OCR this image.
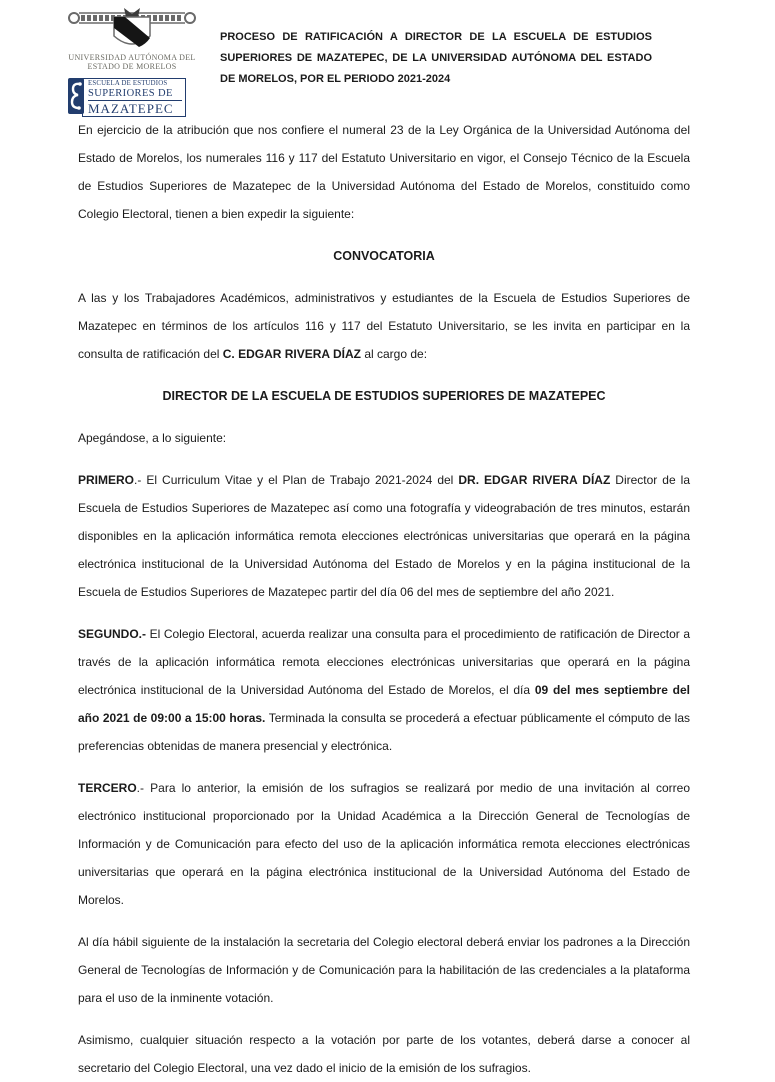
UNIVERSIDAD AUTÓNOMA DEL
ESTADO DE MORELOS
ESCUELA DE ESTUDIOS
SUPERIORES DE
MAZATEPEC
PROCESO DE RATIFICACIÓN A DIRECTOR DE LA ESCUELA DE ESTUDIOS SUPERIORES DE MAZATEPEC, DE LA UNIVERSIDAD AUTÓNOMA DEL ESTADO DE MORELOS, POR EL PERIODO 2021-2024

En ejercicio de la atribución que nos confiere el numeral 23 de la Ley Orgánica de la Universidad Autónoma del Estado de Morelos, los numerales 116 y 117 del Estatuto Universitario en vigor, el Consejo Técnico de la Escuela de Estudios Superiores de Mazatepec de la Universidad Autónoma del Estado de Morelos, constituido como Colegio Electoral, tienen a bien expedir la siguiente:

CONVOCATORIA

A las y los Trabajadores Académicos, administrativos y estudiantes de la Escuela de Estudios Superiores de Mazatepec en términos de los artículos 116 y 117 del Estatuto Universitario, se les invita en participar en la consulta de ratificación del C. EDGAR RIVERA DÍAZ al cargo de:

DIRECTOR DE LA ESCUELA DE ESTUDIOS SUPERIORES DE MAZATEPEC

Apegándose, a lo siguiente:

PRIMERO.- El Curriculum Vitae y el Plan de Trabajo 2021-2024 del DR. EDGAR RIVERA DÍAZ Director de la Escuela de Estudios Superiores de Mazatepec así como una fotografía y videograbación de tres minutos, estarán disponibles en la aplicación informática remota elecciones electrónicas universitarias que operará en la página electrónica institucional de la Universidad Autónoma del Estado de Morelos y en la página institucional de la Escuela de Estudios Superiores de Mazatepec partir del día 06 del mes de septiembre del año 2021.

SEGUNDO.- El Colegio Electoral, acuerda realizar una consulta para el procedimiento de ratificación de Director a través de la aplicación informática remota elecciones electrónicas universitarias que operará en la página electrónica institucional de la Universidad Autónoma del Estado de Morelos, el día 09 del mes septiembre del año 2021 de 09:00 a 15:00 horas. Terminada la consulta se procederá a efectuar públicamente el cómputo de las preferencias obtenidas de manera presencial y electrónica.

TERCERO.- Para lo anterior, la emisión de los sufragios se realizará por medio de una invitación al correo electrónico institucional proporcionado por la Unidad Académica a la Dirección General de Tecnologías de Información y de Comunicación para efecto del uso de la aplicación informática remota elecciones electrónicas universitarias que operará en la página electrónica institucional de la Universidad Autónoma del Estado de Morelos.

Al día hábil siguiente de la instalación la secretaria del Colegio electoral deberá enviar los padrones a la Dirección General de Tecnologías de Información y de Comunicación para la habilitación de las credenciales a la plataforma para el uso de la inminente votación.

Asimismo, cualquier situación respecto a la votación por parte de los votantes, deberá darse a conocer al secretario del Colegio Electoral, una vez dado el inicio de la emisión de los sufragios.
